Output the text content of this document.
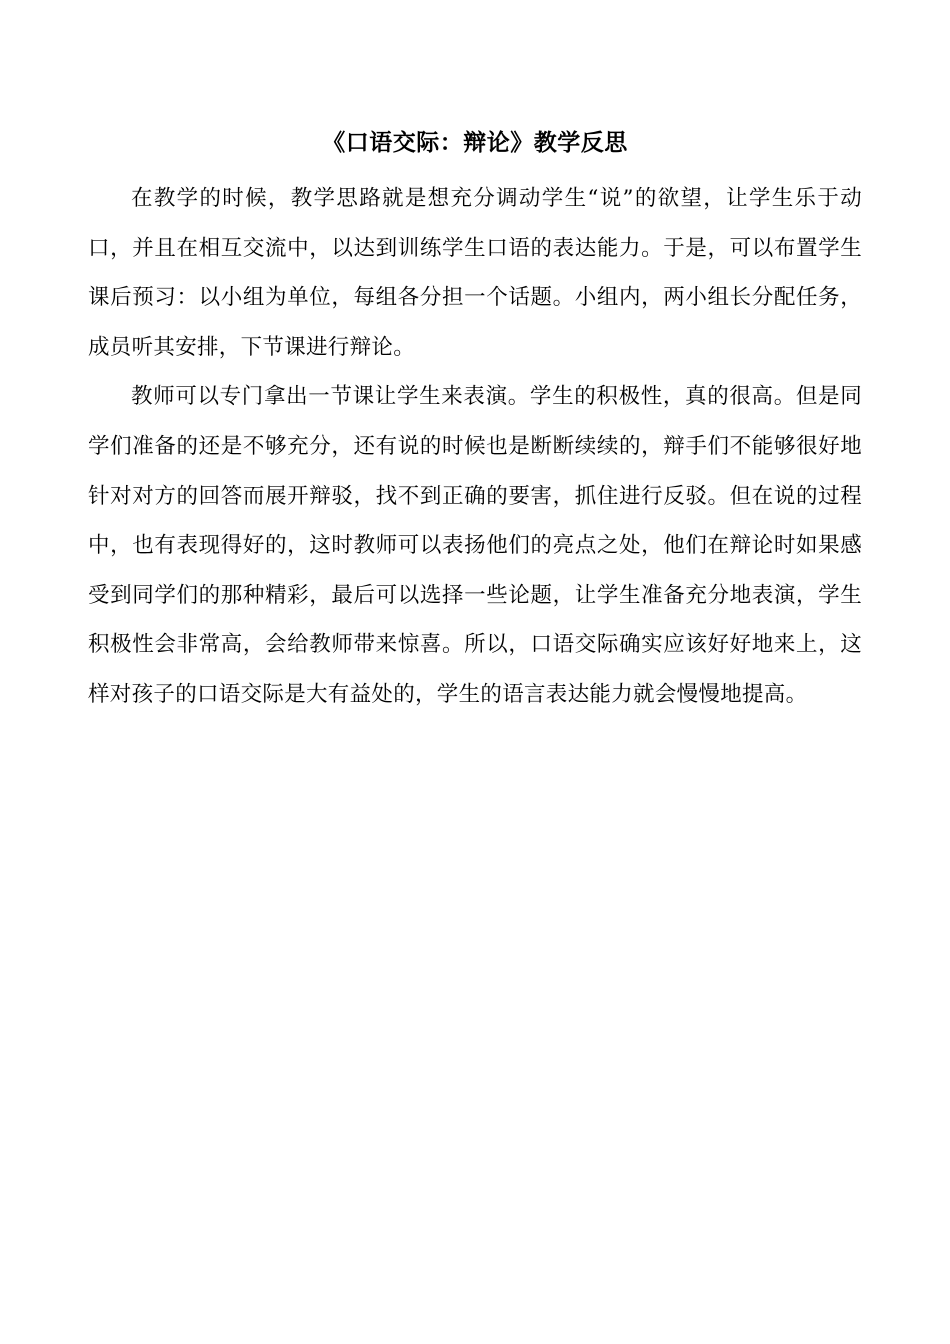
《口语交际：辩论》教学反思

在教学的时候，教学思路就是想充分调动学生“说”的欲望，让学生乐于动口，并且在相互交流中，以达到训练学生口语的表达能力。于是，可以布置学生课后预习：以小组为单位，每组各分担一个话题。小组内，两小组长分配任务，成员听其安排，下节课进行辩论。

教师可以专门拿出一节课让学生来表演。学生的积极性，真的很高。但是同学们准备的还是不够充分，还有说的时候也是断断续续的，辩手们不能够很好地针对对方的回答而展开辩驳，找不到正确的要害，抓住进行反驳。但在说的过程中，也有表现得好的，这时教师可以表扬他们的亮点之处，他们在辩论时如果感受到同学们的那种精彩，最后可以选择一些论题，让学生准备充分地表演，学生积极性会非常高，会给教师带来惊喜。所以，口语交际确实应该好好地来上，这样对孩子的口语交际是大有益处的，学生的语言表达能力就会慢慢地提高。
